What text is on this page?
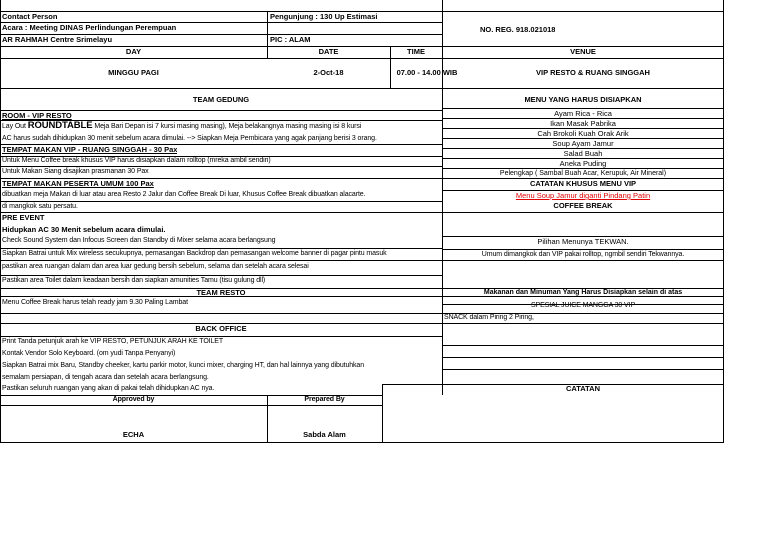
Contact Person	Pengunjung : 130 Up Estimasi
Acara : Meeting DINAS Perlindungan Perempuan
AR RAHMAH Centre Srimelayu	PIC : ALAM
NO. REG. 918.021018
DAY	DATE	TIME	VENUE
MINGGU PAGI	2-Oct-18	07.00 - 14.00 WIB	VIP RESTO & RUANG SINGGAH
TEAM GEDUNG
ROOM - VIP RESTO
Lay Out ROUNDTABLE Meja Bari Depan isi 7 kursi masing masing), Meja belakangnya masing masing isi 8 kursi
AC harus sudah dihidupkan 30 menit sebelum acara dimulai. --> Siapkan Meja Pembicara yang agak panjang berisi 3 orang.
TEMPAT MAKAN VIP - RUANG SINGGAH - 30 Pax
Untuk Menu Coffee break khusus VIP harus disiapkan dalam rolltop (mreka ambil sendiri)
Untuk Makan Siang disajikan prasmanan 30 Pax
TEMPAT MAKAN PESERTA UMUM 100 Pax
dibuatkan meja Makan di luar atau area Resto 2 Jalur dan Coffee Break Di luar, Khusus Coffee Break dibuatkan alacarte.
di mangkok satu persatu.
PRE EVENT
Hidupkan AC 30 Menit sebelum acara dimulai.
Check Sound System dan Infocus Screen dan Standby di Mixer selama acara berlangsung
Siapkan Batrai untuk Mix wireless secukupnya, pemasangan Backdrop dan pemasangan welcome banner di pagar pintu masuk
pastikan area ruangan dalam dan area luar gedung bersih sebelum, selama dan setelah acara selesai
Pastikan area Toilet dalam keadaan bersih dan siapkan amunities Tamu (tisu gulung dll)
MENU YANG HARUS DISIAPKAN
Ayam Rica - Rica
Ikan Masak Pabrika
Cah Brokoli Kuah Orak Arik
Soup Ayam Jamur
Salad Buah
Aneka Puding
Pelengkap ( Sambal Buah Acar, Kerupuk, Air Mineral)
CATATAN KHUSUS MENU VIP
Menu Soup Jamur diganti Pindang Patin
COFFEE BREAK
Pilihan Menunya TEKWAN.
Umum dimangkok dan VIP pakai rolltop, ngmbil sendiri Tekwannya.
TEAM RESTO
Menu Coffee Break harus telah ready jam 9.30 Paling Lambat
Makanan dan Minuman Yang Harus Disiapkan selain di atas
SPESIAL JUICE MANGGA 30 VIP
SNACK dalam Piring 2 Piring,
BACK OFFICE
Print Tanda petunjuk arah ke VIP RESTO, PETUNJUK ARAH KE TOILET
Kontak Vendor Solo Keyboard. (om yudi Tanpa Penyanyi)
Siapkan Batrai mix Baru, Standby cheeker, kartu parkir motor, kunci mixer, charging HT, dan hal lainnya yang dibutuhkan
semalam persiapan, di tengah acara dan setelah acara berlangsung.
Pastikan seluruh ruangan yang akan di pakai telah dihidupkan AC nya.	CATATAN
Approved by	Prepared By
ECHA	Sabda Alam
